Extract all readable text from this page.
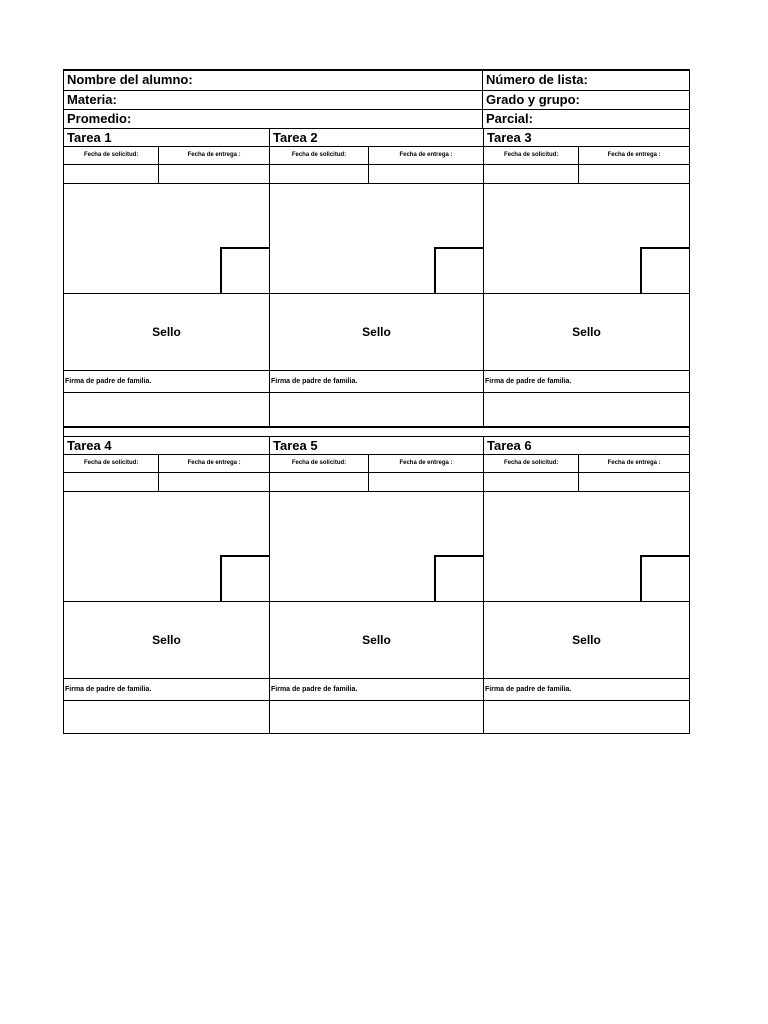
Nombre del alumno:	Número de lista:
Materia:	Grado y grupo:
Promedio:	Parcial:
Tarea 1
Fecha de solicitud:	Fecha de entrega :
Sello
Firma de padre de familia.
Tarea 2
Fecha de solicitud:	Fecha de entrega :
Sello
Firma de padre de familia.
Tarea 3
Fecha de solicitud:	Fecha de entrega :
Sello
Firma de padre de familia.
Tarea 4
Fecha de solicitud:	Fecha de entrega :
Sello
Firma de padre de familia.
Tarea 5
Fecha de solicitud:	Fecha de entrega :
Sello
Firma de padre de familia.
Tarea 6
Fecha de solicitud:	Fecha de entrega :
Sello
Firma de padre de familia.
